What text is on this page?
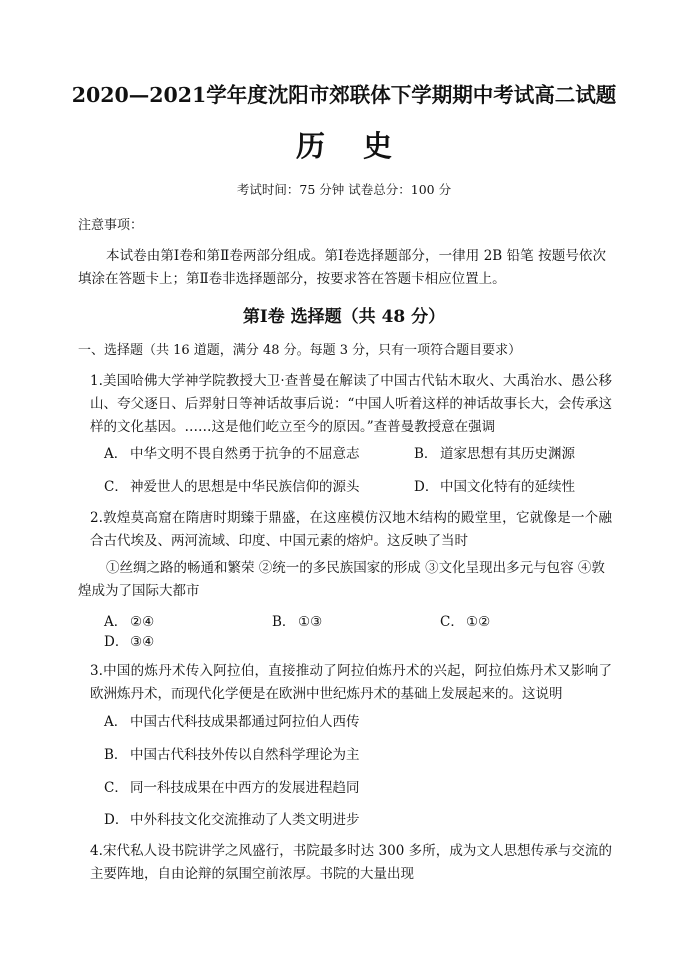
2020—2021学年度沈阳市郊联体下学期期中考试高二试题
历史
考试时间：75 分钟 试卷总分：100 分
注意事项：
本试卷由第Ⅰ卷和第Ⅱ卷两部分组成。第Ⅰ卷选择题部分，一律用 2B 铅笔 按题号依次填涂在答题卡上；第Ⅱ卷非选择题部分，按要求答在答题卡相应位置上。
第Ⅰ卷 选择题（共 48 分）
一、选择题（共 16 道题，满分 48 分。每题 3 分，只有一项符合题目要求）
1.美国哈佛大学神学院教授大卫·查普曼在解读了中国古代钻木取火、大禹治水、愚公移山、夸父逐日、后羿射日等神话故事后说：“中国人听着这样的神话故事长大，会传承这样的文化基因。……这是他们屹立至今的原因。”查普曼教授意在强调
A． 中华文明不畏自然勇于抗争的不屈意志	B． 道家思想有其历史渊源
C． 神爱世人的思想是中华民族信仰的源头	D． 中国文化特有的延续性
2.敦煌莫高窟在隋唐时期臻于鼎盛，在这座模仿汉地木结构的殿堂里，它就像是一个融合古代埃及、两河流域、印度、中国元素的熔炉。这反映了当时
①丝绸之路的畅通和繁荣 ②统一的多民族国家的形成 ③文化呈现出多元与包容 ④敦煌成为了国际大都市
A． ②④	B． ①③	C． ①②
D． ③④
3.中国的炼丹术传入阿拉伯，直接推动了阿拉伯炼丹术的兴起，阿拉伯炼丹术又影响了欧洲炼丹术，而现代化学便是在欧洲中世纪炼丹术的基础上发展起来的。这说明
A． 中国古代科技成果都通过阿拉伯人西传
B． 中国古代科技外传以自然科学理论为主
C． 同一科技成果在中西方的发展进程趋同
D． 中外科技文化交流推动了人类文明进步
4.宋代私人设书院讲学之风盛行，书院最多时达 300 多所，成为文人思想传承与交流的主要阵地，自由论辩的氛围空前浓厚。书院的大量出现
